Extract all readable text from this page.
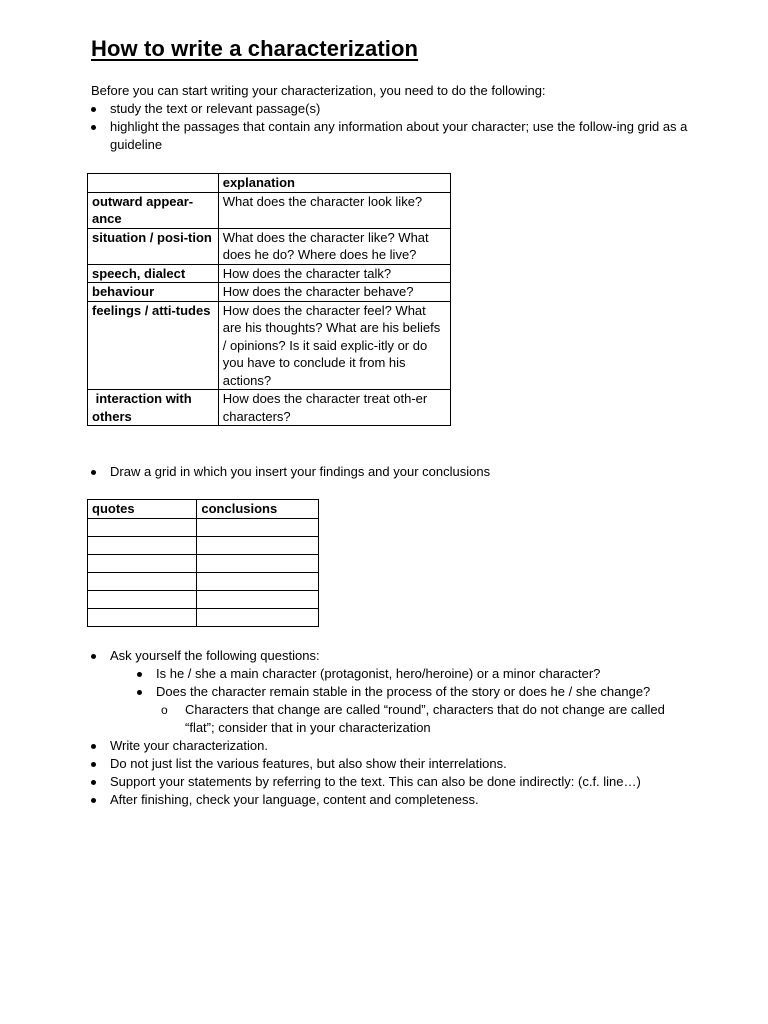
How to write a characterization
Before you can start writing your characterization, you need to do the following:
study the text or relevant passage(s)
highlight the passages that contain any information about your character; use the follow-ing grid as a guideline
	explanation
outward appear-ance	What does the character look like?
situation / posi-tion	What does the character like? What does he do? Where does he live?
speech, dialect	How does the character talk?
behaviour	How does the character behave?
feelings / atti-tudes	How does the character feel? What are his thoughts? What are his beliefs / opinions? Is it said explic-itly or do you have to conclude it from his actions?
interaction with others	How does the character treat oth-er characters?
Draw a grid in which you insert your findings and your conclusions
quotes	conclusions

Ask yourself the following questions:
Is he / she a main character (protagonist, hero/heroine) or a minor character?
Does the character remain stable in the process of the story or does he / she change?
o Characters that change are called “round”, characters that do not change are called “flat”; consider that in your characterization
Write your characterization.
Do not just list the various features, but also show their interrelations.
Support your statements by referring to the text. This can also be done indirectly: (c.f. line…)
After finishing, check your language, content and completeness.
